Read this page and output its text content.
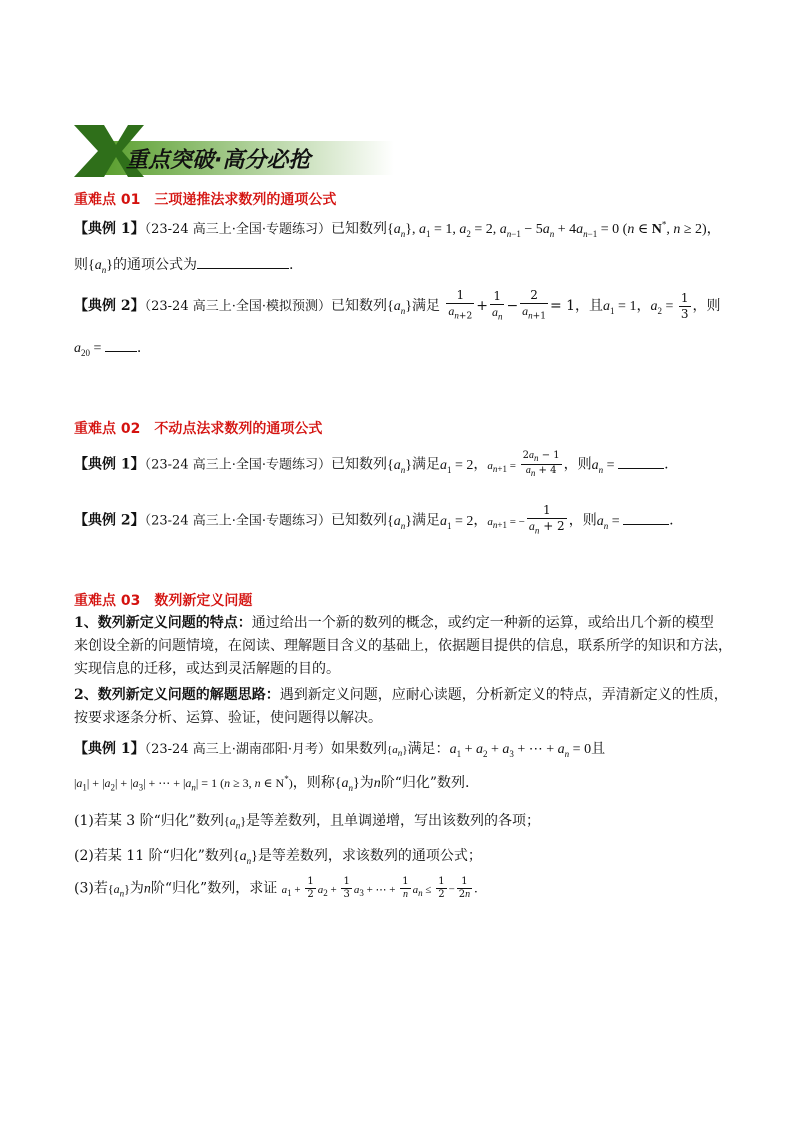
重点突破·高分必抢
重难点 01　三项递推法求数列的通项公式
【典例 1】（23-24 高三上·全国·专题练习）已知数列$\{a_n\}$, $a_1 = 1$, $a_2 = 2$, $a_{n-1} - 5a_n + 4a_{n-1} = 0$ (n ∈ N*, n ≥ 2)，
则$\{a_n\}$的通项公式为	.
【典例 2】（23-24 高三上·全国·模拟预测）已知数列$\{a_n\}$满足 $\frac{1}{a_{n+2}} + \frac{1}{a_n} - \frac{2}{a_{n+1}} = 1$，且$a_1 = 1$，$a_2 = \frac{1}{3}$ ，则
$a_{20}$ = .
重难点 02　不动点法求数列的通项公式
【典例 1】（23-24 高三上·全国·专题练习）已知数列$\{a_n\}$满足$a_1 = 2$，$a_{n+1} = \frac{2a_n - 1}{a_n + 4}$ ，则$a_n$ =	.
【典例 2】（23-24 高三上·全国·专题练习）已知数列$\{a_n\}$满足$a_1 = 2$，$a_{n+1}$ = − $\frac{1}{a_n + 2}$ ，则$a_n$ =	.
重难点 03　数列新定义问题
1、数列新定义问题的特点：通过给出一个新的数列的概念，或约定一种新的运算，或给出几个新的模型
来创设全新的问题情境，在阅读、理解题目含义的基础上，依据题目提供的信息，联系所学的知识和方法，
实现信息的迁移，或达到灵活解题的目的。
2、数列新定义问题的解题思路：遇到新定义问题，应耐心读题，分析新定义的特点，弄清新定义的性质，
按要求逐条分析、运算、验证，使问题得以解决。
【典例 1】（23-24 高三上·湖南邵阳·月考）如果数列$\{a_n\}$满足：$a_1 + a_2 + a_3$ + ⋯ + $a_n = 0$且
$|a_1| + |a_2| + |a_3|$ + ⋯ + $|a_n| = 1$ (n ≥ 3, n ∈ N*)，则称$\{a_n\}$为n阶“归化”数列.
(1)若某 3 阶“归化”数列$\{a_n\}$是等差数列，且单调递增，写出该数列的各项；
(2)若某 11 阶“归化”数列$\{a_n\}$是等差数列，求该数列的通项公式；
(3)若$\{a_n\}$为n阶“归化”数列，求证 $a_1 + \frac{1}{2} a_2 + \frac{1}{3} a_3$ + ⋯ + $\frac{1}{n} a_n \le \frac{1}{2} - \frac{1}{2n}$ .
